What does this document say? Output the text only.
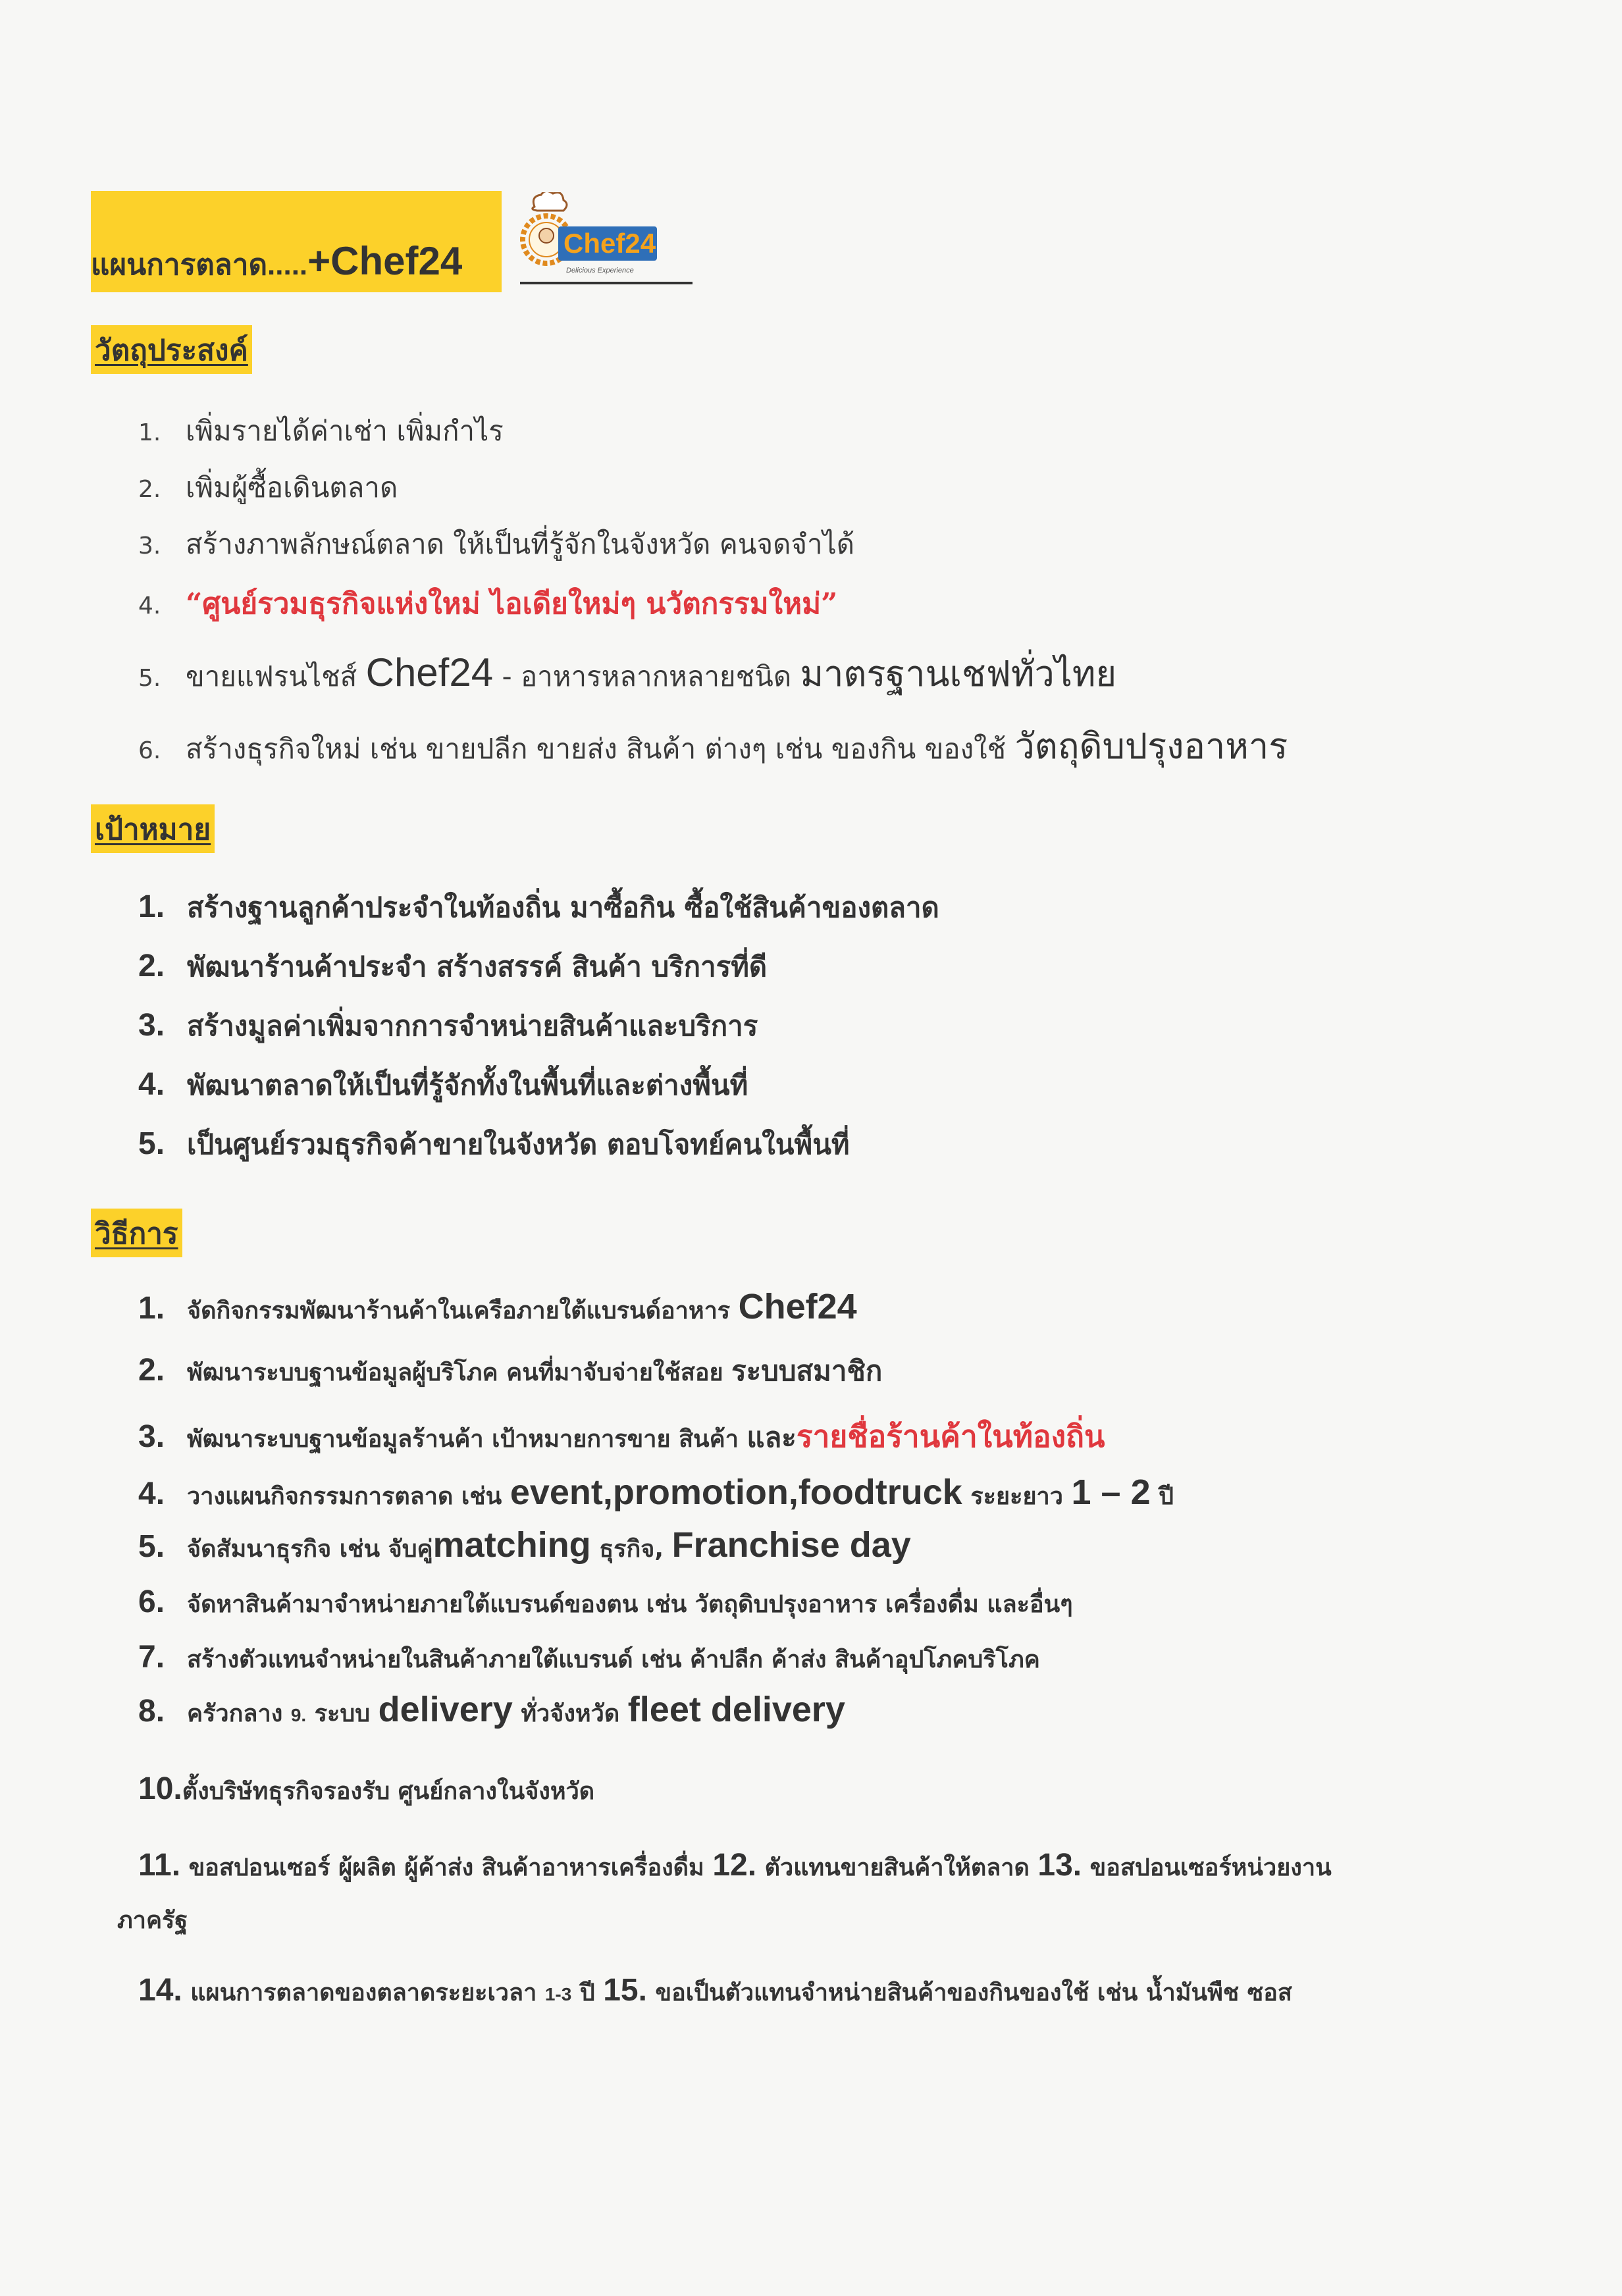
แผนการตลาด.....+Chef24	Chef24
Delicious Experience
วัตถุประสงค์
1. เพิ่มรายได้ค่าเช่า เพิ่มกำไร
2. เพิ่มผู้ซื้อเดินตลาด
3. สร้างภาพลักษณ์ตลาด ให้เป็นที่รู้จักในจังหวัด คนจดจำได้
4. “ศูนย์รวมธุรกิจแห่งใหม่ ไอเดียใหม่ๆ นวัตกรรมใหม่”
5. ขายแฟรนไชส์ Chef24 - อาหารหลากหลายชนิด มาตรฐานเชฟทั่วไทย
6. สร้างธุรกิจใหม่ เช่น ขายปลีก ขายส่ง สินค้า ต่างๆ เช่น ของกิน ของใช้ วัตถุดิบปรุงอาหาร
เป้าหมาย
1. สร้างฐานลูกค้าประจำในท้องถิ่น มาซื้อกิน ซื้อใช้สินค้าของตลาด
2. พัฒนาร้านค้าประจำ สร้างสรรค์ สินค้า บริการที่ดี
3. สร้างมูลค่าเพิ่มจากการจำหน่ายสินค้าและบริการ
4. พัฒนาตลาดให้เป็นที่รู้จักทั้งในพื้นที่และต่างพื้นที่
5. เป็นศูนย์รวมธุรกิจค้าขายในจังหวัด ตอบโจทย์คนในพื้นที่
วิธีการ
1. จัดกิจกรรมพัฒนาร้านค้าในเครือภายใต้แบรนด์อาหาร Chef24
2. พัฒนาระบบฐานข้อมูลผู้บริโภค คนที่มาจับจ่ายใช้สอย ระบบสมาชิก
3. พัฒนาระบบฐานข้อมูลร้านค้า เป้าหมายการขาย สินค้า และรายชื่อร้านค้าในท้องถิ่น
4. วางแผนกิจกรรมการตลาด เช่น event,promotion,foodtruck ระยะยาว 1 – 2 ปี
5. จัดสัมนาธุรกิจ เช่น จับคู่matching ธุรกิจ, Franchise day
6. จัดหาสินค้ามาจำหน่ายภายใต้แบรนด์ของตน เช่น วัตถุดิบปรุงอาหาร เครื่องดื่ม และอื่นๆ
7. สร้างตัวแทนจำหน่ายในสินค้าภายใต้แบรนด์ เช่น ค้าปลีก ค้าส่ง สินค้าอุปโภคบริโภค
8. ครัวกลาง 9. ระบบ delivery ทั่วจังหวัด fleet delivery
10.ตั้งบริษัทธุรกิจรองรับ ศูนย์กลางในจังหวัด
11. ขอสปอนเซอร์ ผู้ผลิต ผู้ค้าส่ง สินค้าอาหารเครื่องดื่ม 12. ตัวแทนขายสินค้าให้ตลาด 13. ขอสปอนเซอร์หน่วยงาน
ภาครัฐ
14. แผนการตลาดของตลาดระยะเวลา 1-3 ปี 15. ขอเป็นตัวแทนจำหน่ายสินค้าของกินของใช้ เช่น น้ำมันพืช ซอส
